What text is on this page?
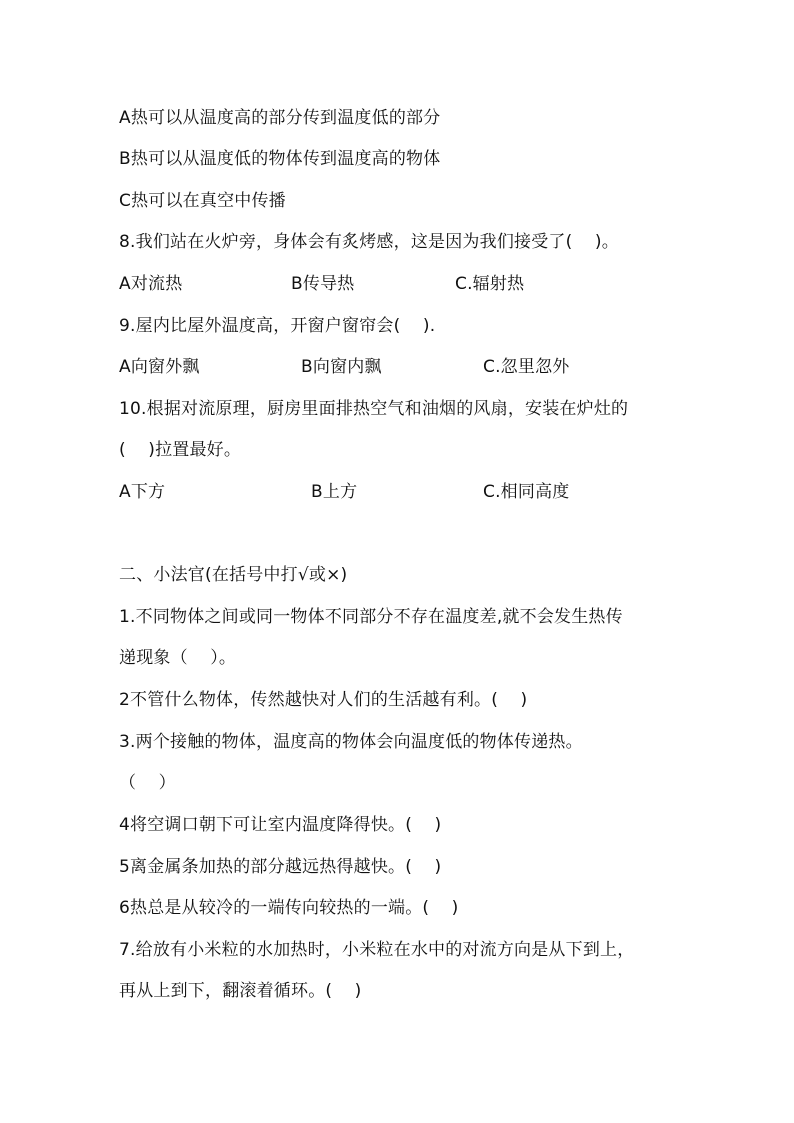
A热可以从温度高的部分传到温度低的部分
B热可以从温度低的物体传到温度高的物体
C热可以在真空中传播
8.我们站在火炉旁，身体会有炙烤感，这是因为我们接受了(    )。
A对流热	B传导热	C.辐射热
9.屋内比屋外温度高，开窗户窗帘会(    ).
A向窗外飘	B向窗内飘	C.忽里忽外
10.根据对流原理，厨房里面排热空气和油烟的风扇，安装在炉灶的
(    )拉置最好。
A下方	B上方	C.相同高度
二、小法官(在括号中打√或×)
1.不同物体之间或同一物体不同部分不存在温度差,就不会发生热传
递现象（    ）。
2不管什么物体，传然越快对人们的生活越有利。(    )
3.两个接触的物体，温度高的物体会向温度低的物体传递热。
（    ）
4将空调口朝下可让室内温度降得快。(    )
5离金属条加热的部分越远热得越快。(    )
6热总是从较冷的一端传向较热的一端。(    )
7.给放有小米粒的水加热时，小米粒在水中的对流方向是从下到上，
再从上到下，翻滚着循环。(    )
